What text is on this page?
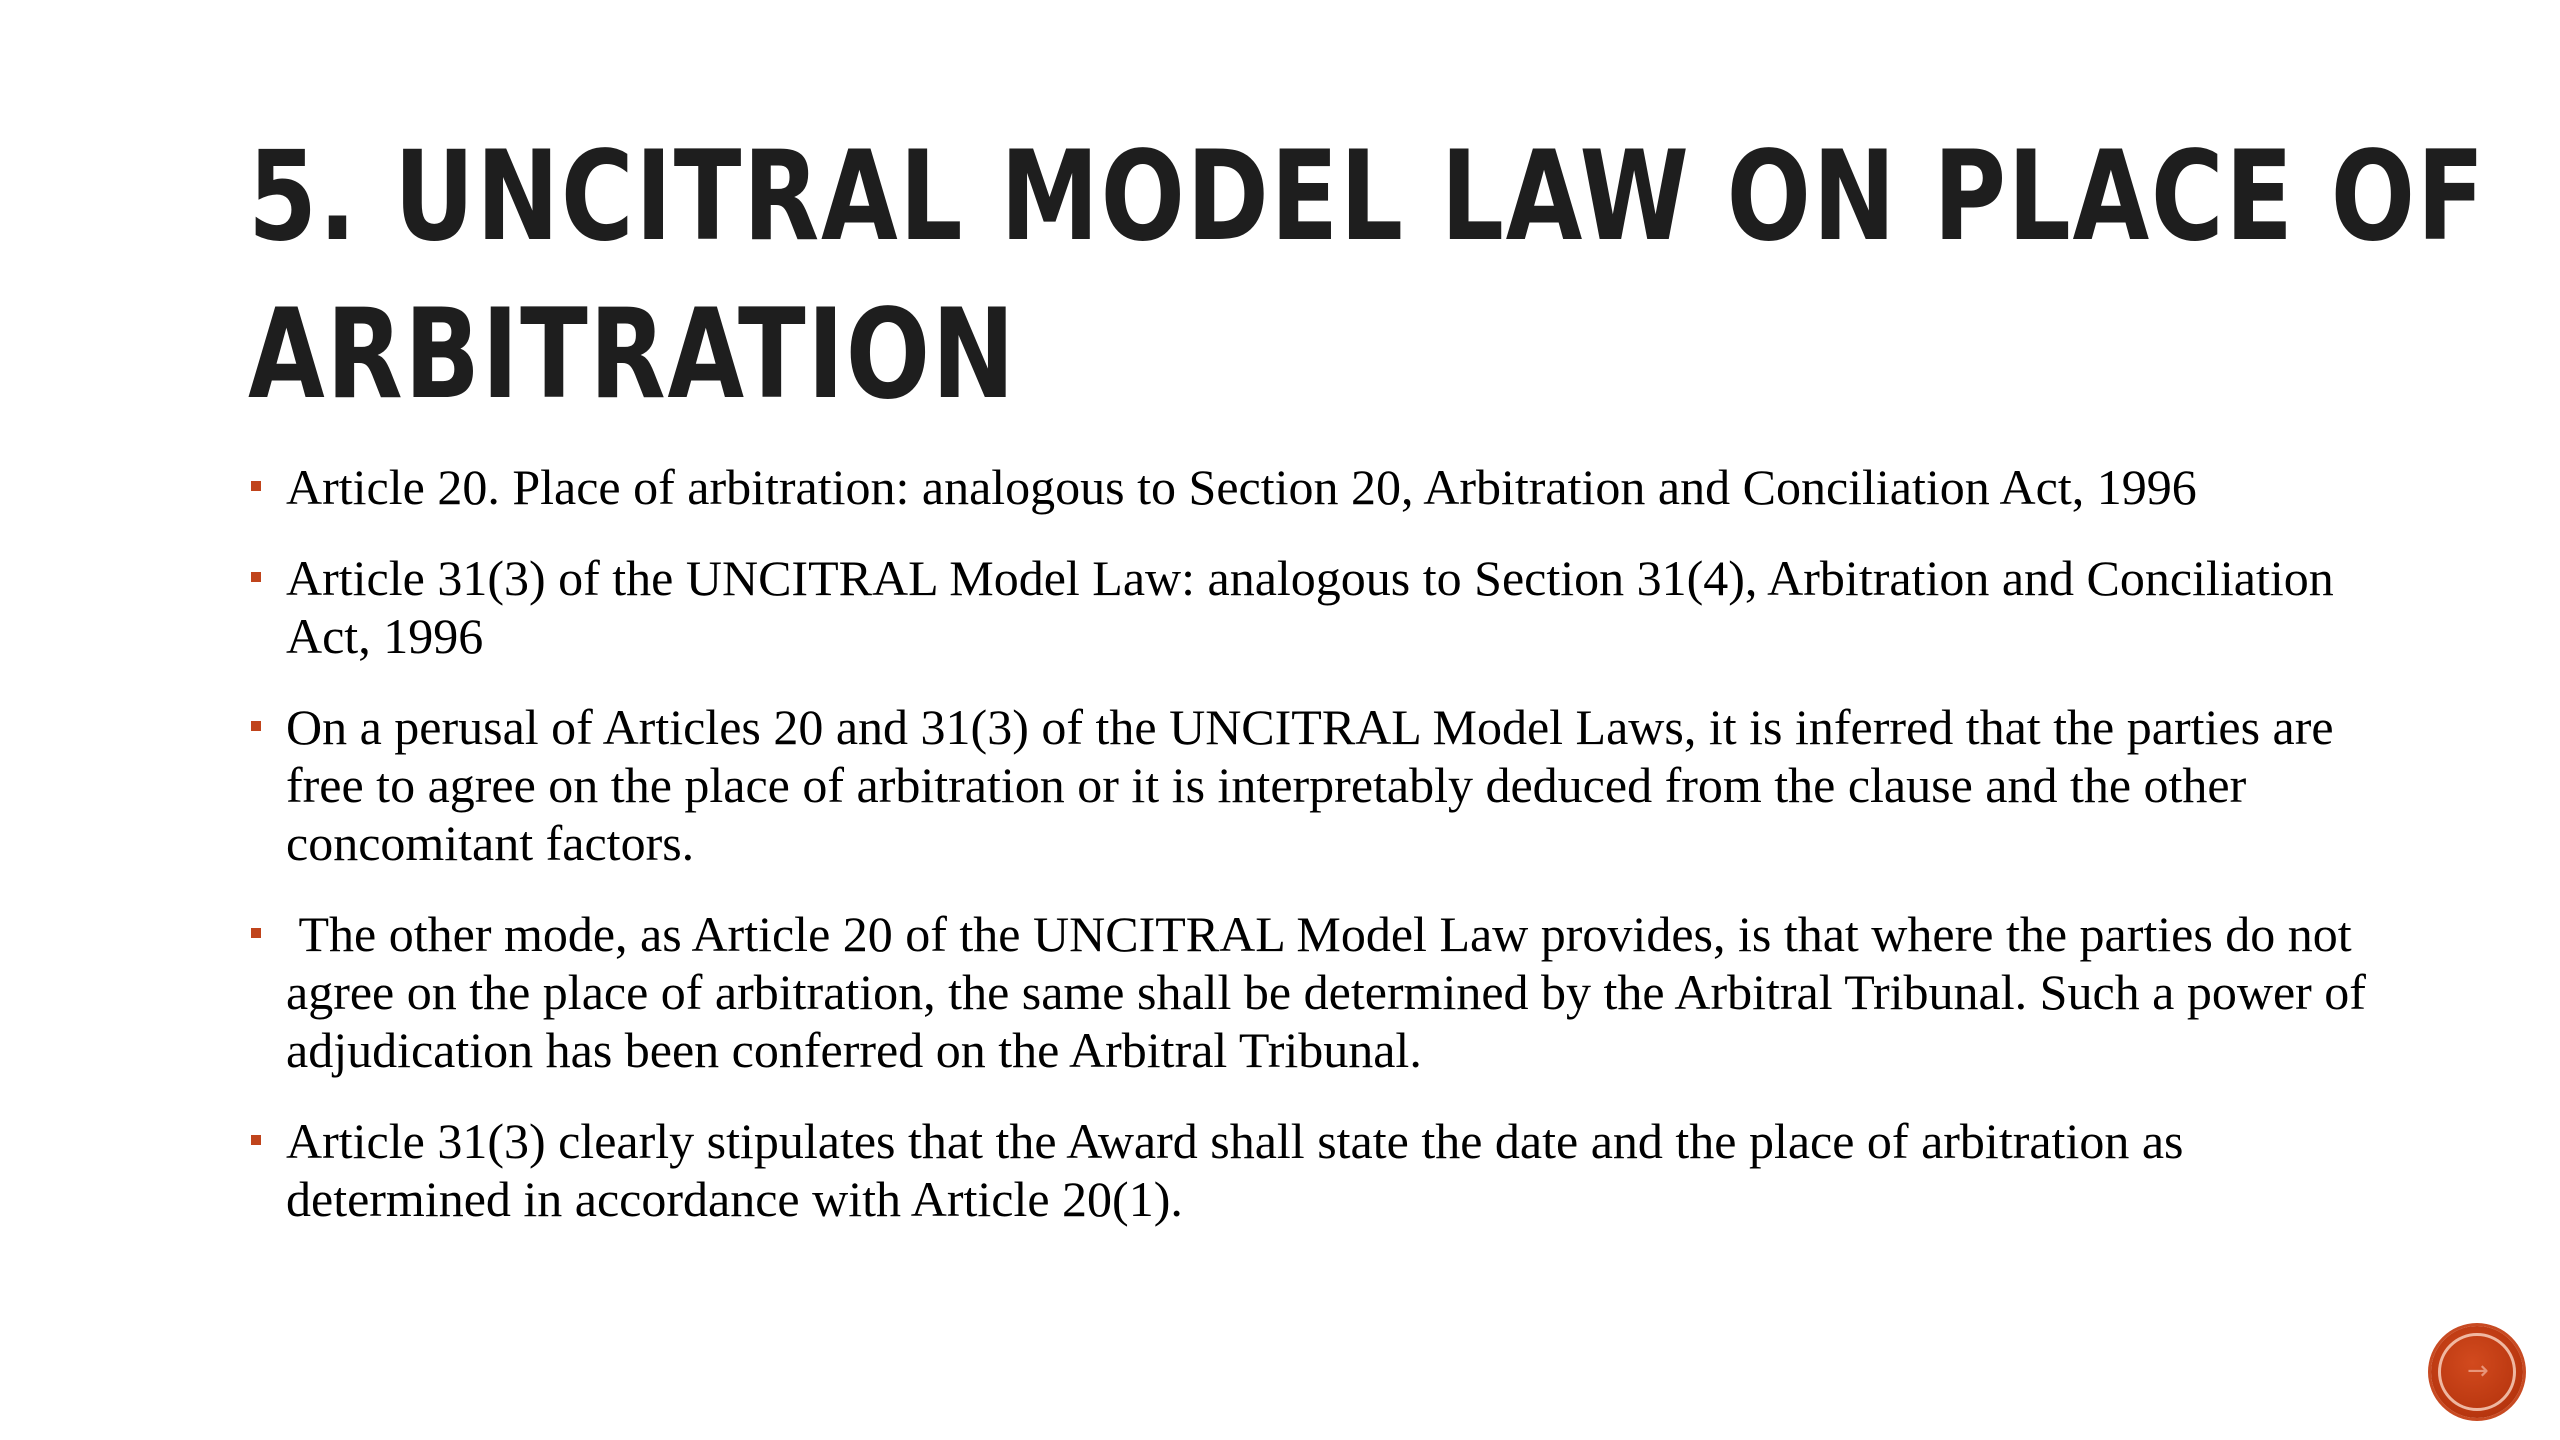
5. UNCITRAL MODEL LAW ON PLACE OF
ARBITRATION
Article 20. Place of arbitration: analogous to Section 20, Arbitration and Conciliation Act, 1996
Article 31(3) of the UNCITRAL Model Law: analogous to Section 31(4), Arbitration and Conciliation Act, 1996
On a perusal of Articles 20 and 31(3) of the UNCITRAL Model Laws, it is inferred that the parties are free to agree on the place of arbitration or it is interpretably deduced from the clause and the other concomitant factors.
The other mode, as Article 20 of the UNCITRAL Model Law provides, is that where the parties do not agree on the place of arbitration, the same shall be determined by the Arbitral Tribunal. Such a power of adjudication has been conferred on the Arbitral Tribunal.
Article 31(3) clearly stipulates that the Award shall state the date and the place of arbitration as determined in accordance with Article 20(1).
→
